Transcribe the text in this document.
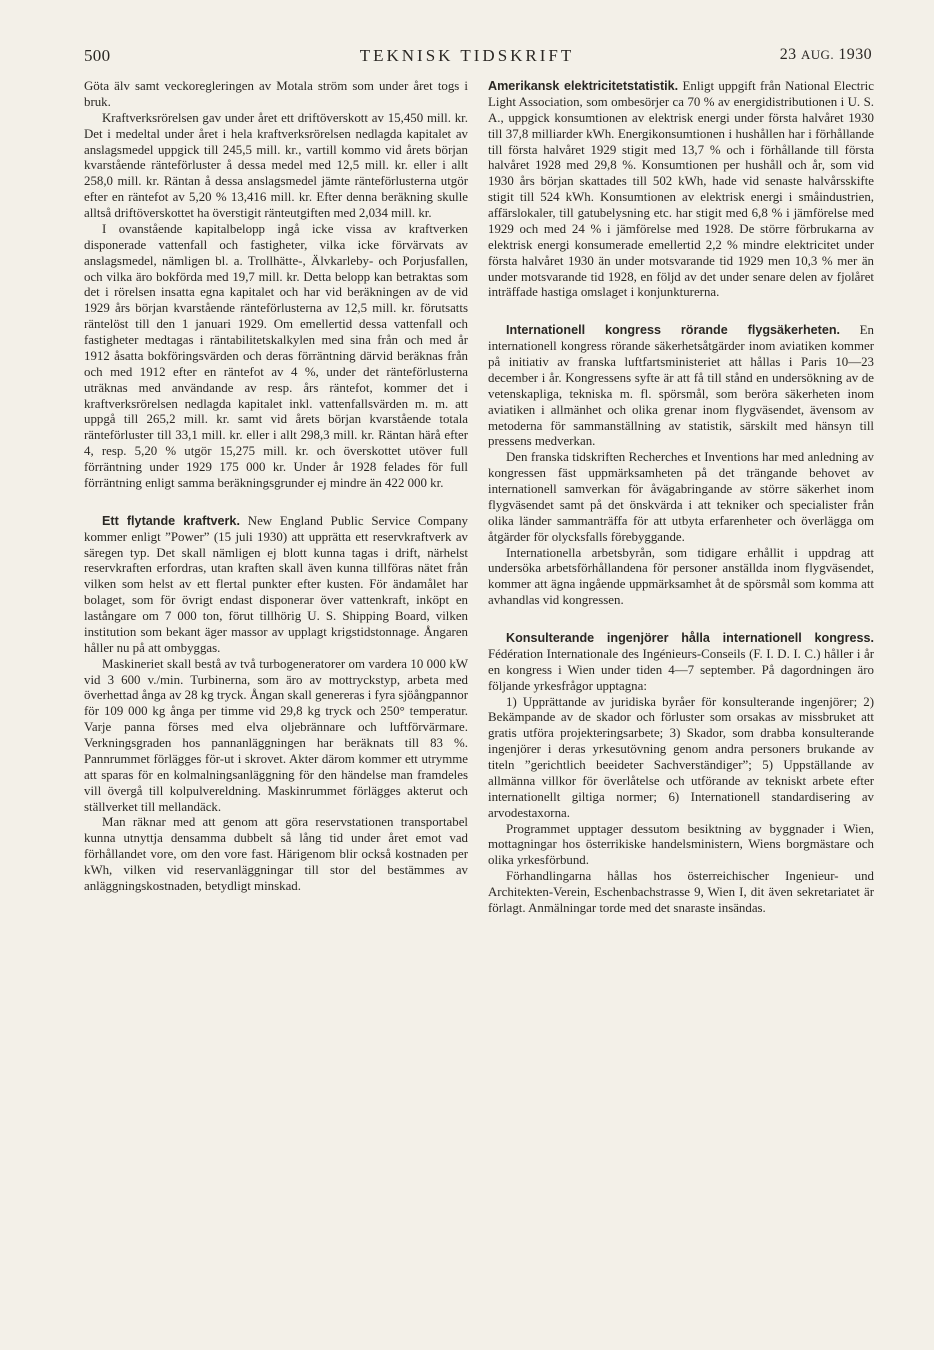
500	TEKNISK TIDSKRIFT	23 AUG. 1930

Göta älv samt veckoregleringen av Motala ström som under året togs i bruk.

Kraftverksrörelsen gav under året ett driftöverskott av 15,450 mill. kr. Det i medeltal under året i hela kraftverksrörelsen nedlagda kapitalet av anslagsmedel uppgick till 245,5 mill. kr., vartill kommo vid årets början kvarstående ränteförluster å dessa medel med 12,5 mill. kr. eller i allt 258,0 mill. kr. Räntan å dessa anslagsmedel jämte ränteförlusterna utgör efter en räntefot av 5,20 % 13,416 mill. kr. Efter denna beräkning skulle alltså driftöverskottet ha överstigit ränteutgiften med 2,034 mill. kr.

I ovanstående kapitalbelopp ingå icke vissa av kraftverken disponerade vattenfall och fastigheter, vilka icke förvärvats av anslagsmedel, nämligen bl. a. Trollhätte-, Älvkarleby- och Porjusfallen, och vilka äro bokförda med 19,7 mill. kr. Detta belopp kan betraktas som det i rörelsen insatta egna kapitalet och har vid beräkningen av de vid 1929 års början kvarstående ränteförlusterna av 12,5 mill. kr. förutsatts räntelöst till den 1 januari 1929. Om emellertid dessa vattenfall och fastigheter medtagas i räntabilitetskalkylen med sina från och med år 1912 åsatta bokföringsvärden och deras förräntning därvid beräknas från och med 1912 efter en räntefot av 4 %, under det ränteförlusterna uträknas med användande av resp. års räntefot, kommer det i kraftverksrörelsen nedlagda kapitalet inkl. vattenfallsvärden m. m. att uppgå till 265,2 mill. kr. samt vid årets början kvarstående totala ränteförluster till 33,1 mill. kr. eller i allt 298,3 mill. kr. Räntan härå efter 4, resp. 5,20 % utgör 15,275 mill. kr. och överskottet utöver full förräntning under 1929 175 000 kr. Under år 1928 felades för full förräntning enligt samma beräkningsgrunder ej mindre än 422 000 kr.

Ett flytande kraftverk. New England Public Service Company kommer enligt ”Power” (15 juli 1930) att upprätta ett reservkraftverk av säregen typ. Det skall nämligen ej blott kunna tagas i drift, närhelst reservkraften erfordras, utan kraften skall även kunna tillföras nätet från vilken som helst av ett flertal punkter efter kusten. För ändamålet har bolaget, som för övrigt endast disponerar över vattenkraft, inköpt en lastångare om 7 000 ton, förut tillhörig U. S. Shipping Board, vilken institution som bekant äger massor av upplagt krigstidstonnage. Ångaren håller nu på att ombyggas.

Maskineriet skall bestå av två turbogeneratorer om vardera 10 000 kW vid 3 600 v./min. Turbinerna, som äro av mottryckstyp, arbeta med överhettad ånga av 28 kg tryck. Ångan skall genereras i fyra sjöångpannor för 109 000 kg ånga per timme vid 29,8 kg tryck och 250° temperatur. Varje panna förses med elva oljebrännare och luftförvärmare. Verkningsgraden hos pannanläggningen har beräknats till 83 %. Pannrummet förlägges för-ut i skrovet. Akter därom kommer ett utrymme att sparas för en kolmalningsanläggning för den händelse man framdeles vill övergå till kolpulvereldning. Maskinrummet förlägges akterut och ställverket till mellandäck.

Man räknar med att genom att göra reservstationen transportabel kunna utnyttja densamma dubbelt så lång tid under året emot vad förhållandet vore, om den vore fast. Härigenom blir också kostnaden per kWh, vilken vid reservanläggningar till stor del bestämmes av anläggningskostnaden, betydligt minskad.

Amerikansk elektricitetstatistik. Enligt uppgift från National Electric Light Association, som ombesörjer ca 70 % av energidistributionen i U. S. A., uppgick konsumtionen av elektrisk energi under första halvåret 1930 till 37,8 milliarder kWh. Energikonsumtionen i hushållen har i förhållande till första halvåret 1929 stigit med 13,7 % och i förhållande till första halvåret 1928 med 29,8 %. Konsumtionen per hushåll och år, som vid 1930 års början skattades till 502 kWh, hade vid senaste halvårsskifte stigit till 524 kWh. Konsumtionen av elektrisk energi i småindustrien, affärslokaler, till gatubelysning etc. har stigit med 6,8 % i jämförelse med 1929 och med 24 % i jämförelse med 1928. De större förbrukarna av elektrisk energi konsumerade emellertid 2,2 % mindre elektricitet under första halvåret 1930 än under motsvarande tid 1929 men 10,3 % mer än under motsvarande tid 1928, en följd av det under senare delen av fjolåret inträffade hastiga omslaget i konjunkturerna.

Internationell kongress rörande flygsäkerheten. En internationell kongress rörande säkerhetsåtgärder inom aviatiken kommer på initiativ av franska luftfartsministeriet att hållas i Paris 10—23 december i år. Kongressens syfte är att få till stånd en undersökning av de vetenskapliga, tekniska m. fl. spörsmål, som beröra säkerheten inom aviatiken i allmänhet och olika grenar inom flygväsendet, ävensom av metoderna för sammanställning av statistik, särskilt med hänsyn till pressens medverkan.

Den franska tidskriften Recherches et Inventions har med anledning av kongressen fäst uppmärksamheten på det trängande behovet av internationell samverkan för åvägabringande av större säkerhet inom flygväsendet samt på det önskvärda i att tekniker och specialister från olika länder sammanträffa för att utbyta erfarenheter och överlägga om åtgärder för olycksfalls förebyggande.

Internationella arbetsbyrån, som tidigare erhållit i uppdrag att undersöka arbetsförhållandena för personer anställda inom flygväsendet, kommer att ägna ingående uppmärksamhet åt de spörsmål som komma att avhandlas vid kongressen.

Konsulterande ingenjörer hålla internationell kongress. Fédération Internationale des Ingénieurs-Conseils (F. I. D. I. C.) håller i år en kongress i Wien under tiden 4—7 september. På dagordningen äro följande yrkesfrågor upptagna:

1) Upprättande av juridiska byråer för konsulterande ingenjörer; 2) Bekämpande av de skador och förluster som orsakas av missbruket att gratis utföra projekteringsarbete; 3) Skador, som drabba konsulterande ingenjörer i deras yrkesutövning genom andra personers brukande av titeln ”gerichtlich beeideter Sachverständiger”; 5) Uppställande av allmänna villkor för överlåtelse och utförande av tekniskt arbete efter internationellt giltiga normer; 6) Internationell standardisering av arvodestaxorna.

Programmet upptager dessutom besiktning av byggnader i Wien, mottagningar hos österrikiske handelsministern, Wiens borgmästare och olika yrkesförbund.

Förhandlingarna hållas hos österreichischer Ingenieur- und Architekten-Verein, Eschenbachstrasse 9, Wien I, dit även sekretariatet är förlagt. Anmälningar torde med det snaraste insändas.
